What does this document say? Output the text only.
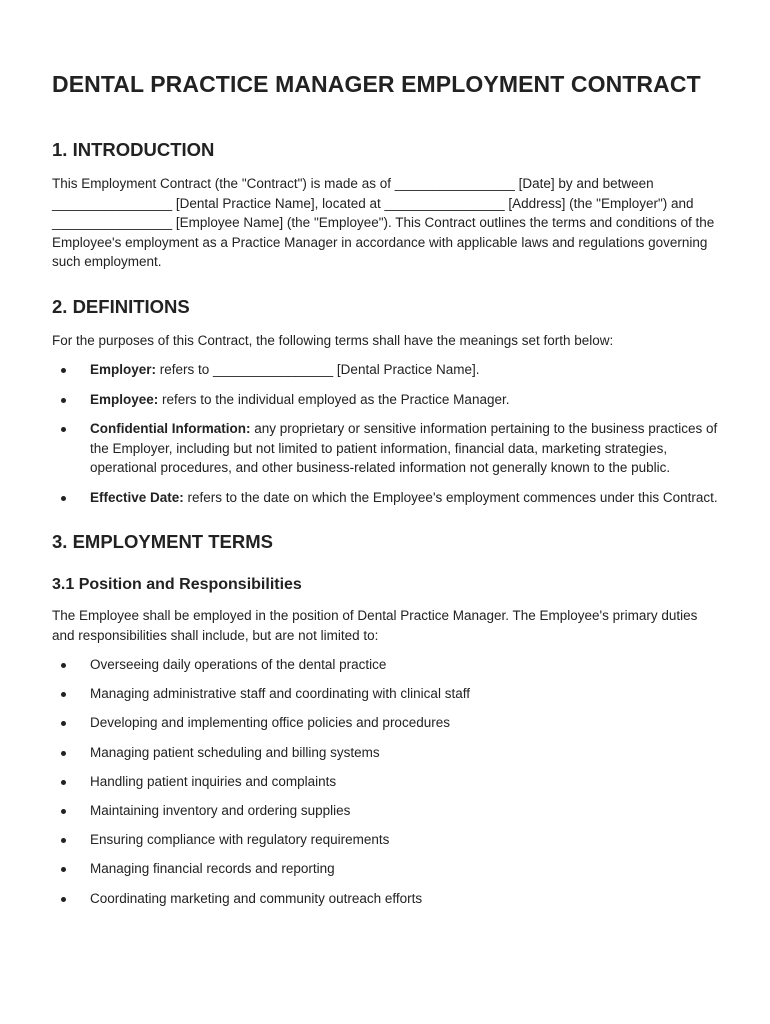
DENTAL PRACTICE MANAGER EMPLOYMENT CONTRACT
1. INTRODUCTION

This Employment Contract (the "Contract") is made as of ________________ [Date] by and between ________________ [Dental Practice Name], located at ________________ [Address] (the "Employer") and ________________ [Employee Name] (the "Employee"). This Contract outlines the terms and conditions of the Employee's employment as a Practice Manager in accordance with applicable laws and regulations governing such employment.

2. DEFINITIONS

For the purposes of this Contract, the following terms shall have the meanings set forth below:

Employer: refers to ________________ [Dental Practice Name].
Employee: refers to the individual employed as the Practice Manager.
Confidential Information: any proprietary or sensitive information pertaining to the business practices of the Employer, including but not limited to patient information, financial data, marketing strategies, operational procedures, and other business-related information not generally known to the public.
Effective Date: refers to the date on which the Employee's employment commences under this Contract.
3. EMPLOYMENT TERMS
3.1 Position and Responsibilities

The Employee shall be employed in the position of Dental Practice Manager. The Employee's primary duties and responsibilities shall include, but are not limited to:

Overseeing daily operations of the dental practice
Managing administrative staff and coordinating with clinical staff
Developing and implementing office policies and procedures
Managing patient scheduling and billing systems
Handling patient inquiries and complaints
Maintaining inventory and ordering supplies
Ensuring compliance with regulatory requirements
Managing financial records and reporting
Coordinating marketing and community outreach efforts
